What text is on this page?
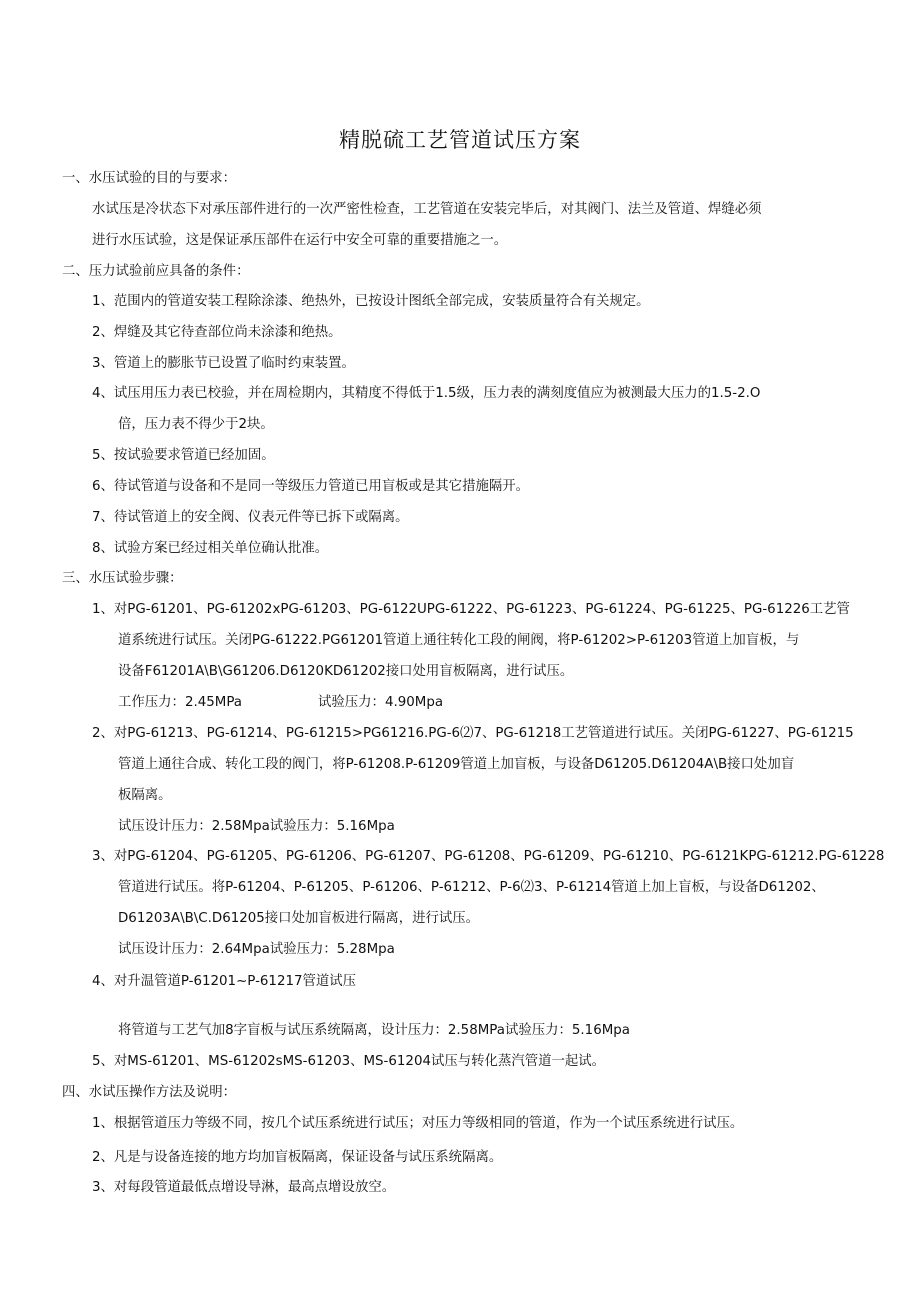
精脱硫工艺管道试压方案
一、水压试验的目的与要求：
水试压是冷状态下对承压部件进行的一次严密性检查，工艺管道在安装完毕后，对其阀门、法兰及管道、焊缝必须
进行水压试验，这是保证承压部件在运行中安全可靠的重要措施之一。
二、压力试验前应具备的条件：
1、范围内的管道安装工程除涂漆、绝热外，已按设计图纸全部完成，安装质量符合有关规定。
2、焊缝及其它待查部位尚未涂漆和绝热。
3、管道上的膨胀节已设置了临时约束装置。
4、试压用压力表已校验，并在周检期内，其精度不得低于1.5级，压力表的满刻度值应为被测最大压力的1.5-2.O
倍，压力表不得少于2块。
5、按试验要求管道已经加固。
6、待试管道与设备和不是同一等级压力管道已用盲板或是其它措施隔开。
7、待试管道上的安全阀、仪表元件等已拆下或隔离。
8、试验方案已经过相关单位确认批准。
三、水压试验步骤：
1、对PG-61201、PG-61202xPG-61203、PG-6122UPG-61222、PG-61223、PG-61224、PG-61225、PG-61226工艺管
道系统进行试压。关闭PG-61222.PG61201管道上通往转化工段的闸阀，将P-61202>P-61203管道上加盲板，与
设备F61201A\B\G61206.D6120KD61202接口处用盲板隔离，进行试压。
工作压力：2.45MPa	试验压力：4.90Mpa
2、对PG-61213、PG-61214、PG-61215>PG61216.PG-6⑵7、PG-61218工艺管道进行试压。关闭PG-61227、PG-61215
管道上通往合成、转化工段的阀门，将P-61208.P-61209管道上加盲板，与设备D61205.D61204A\B接口处加盲
板隔离。
试压设计压力：2.58Mpa试验压力：5.16Mpa
3、对PG-61204、PG-61205、PG-61206、PG-61207、PG-61208、PG-61209、PG-61210、PG-6121KPG-61212.PG-61228
管道进行试压。将P-61204、P-61205、P-61206、P-61212、P-6⑵3、P-61214管道上加上盲板，与设备D61202、
D61203A\B\C.D61205接口处加盲板进行隔离，进行试压。
试压设计压力：2.64Mpa试验压力：5.28Mpa
4、对升温管道P-61201~P-61217管道试压
将管道与工艺气加8字盲板与试压系统隔离，设计压力：2.58MPa试验压力：5.16Mpa
5、对MS-61201、MS-61202sMS-61203、MS-61204试压与转化蒸汽管道一起试。
四、水试压操作方法及说明：
1、根据管道压力等级不同，按几个试压系统进行试压；对压力等级相同的管道，作为一个试压系统进行试压。
2、凡是与设备连接的地方均加盲板隔离，保证设备与试压系统隔离。
3、对每段管道最低点增设导淋，最高点增设放空。
